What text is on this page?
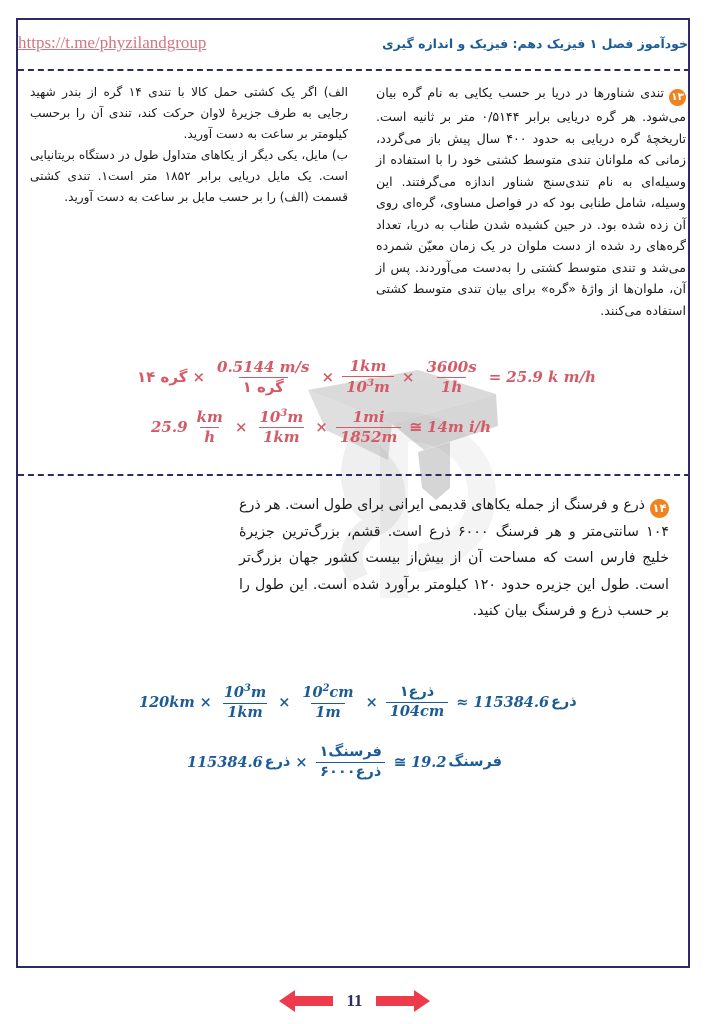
خودآموز فصل ۱ فیزیک دهم: فیزیک و اندازه گیری
https://t.me/phyzilandgroup

۱۳تندی شناورها در دریا بر حسب یکایی به نام گره بیان می‌شود. هر گره دریایی برابر ۰/۵۱۴۴ متر بر ثانیه است. تاریخچهٔ گره دریایی به حدود ۴۰۰ سال پیش باز می‌گردد، زمانی که ملوانان تندی متوسط کشتی خود را با استفاده از وسیله‌ای به نام تندی‌سنج شناور اندازه می‌گرفتند. این وسیله، شامل طنابی بود که در فواصل مساوی، گره‌ای روی آن زده شده بود. در حین کشیده شدن طناب به دریا، تعداد گره‌های رد شده از دست ملوان در یک زمان معیّن شمرده می‌شد و تندی متوسط کشتی را به‌دست می‌آوردند. پس از آن، ملوان‌ها از واژهٔ «گره» برای بیان تندی متوسط کشتی استفاده می‌کنند.

الف) اگر یک کشتی حمل کالا با تندی ۱۴ گره از بندر شهید رجایی به طرف جزیرهٔ لاوان حرکت کند، تندی آن را برحسب کیلومتر بر ساعت به دست آورید.

ب) مایل، یکی دیگر از یکاهای متداول طول در دستگاه بریتانیایی است. یک مایل دریایی برابر ۱۸۵۲ متر است۱. تندی کشتی قسمت (الف) را بر حسب مایل بر ساعت به دست آورید.

۱۴ گره × $\frac{0.5144 m/s}{\text{۱ گره}} \times \frac{1km}{10^3m} \times \frac{3600s}{1h} = 25.9$ k m/h
$25.9 \frac{km}{h} \times \frac{10^3m}{1km} \times \frac{1mi}{1852m}$ ≅ 14m i/h

۱۴ذرع و فرسنگ از جمله یکاهای قدیمی ایرانی برای طول است. هر ذرع ۱۰۴ سانتی‌متر و هر فرسنگ ۶۰۰۰ ذرع است. قشم، بزرگ‌ترین جزیرهٔ خلیج فارس است که مساحت آن از بیش‌از بیست کشور جهان بزرگ‌تر است. طول این جزیره حدود ۱۲۰ کیلومتر برآورد شده است. این طول را بر حسب ذرع و فرسنگ بیان کنید.

$120km \times \frac{10^3m}{1km} \times \frac{10^2cm}{1m} \times \frac{\text{۱ذرع}}{104cm} \approx 115384.6$ ذرع
115384.6 ذرع × $\frac{\text{۱فرسنگ}}{\text{۶۰۰۰ذرع}}$ ≅ 19.2 فرسنگ
11
